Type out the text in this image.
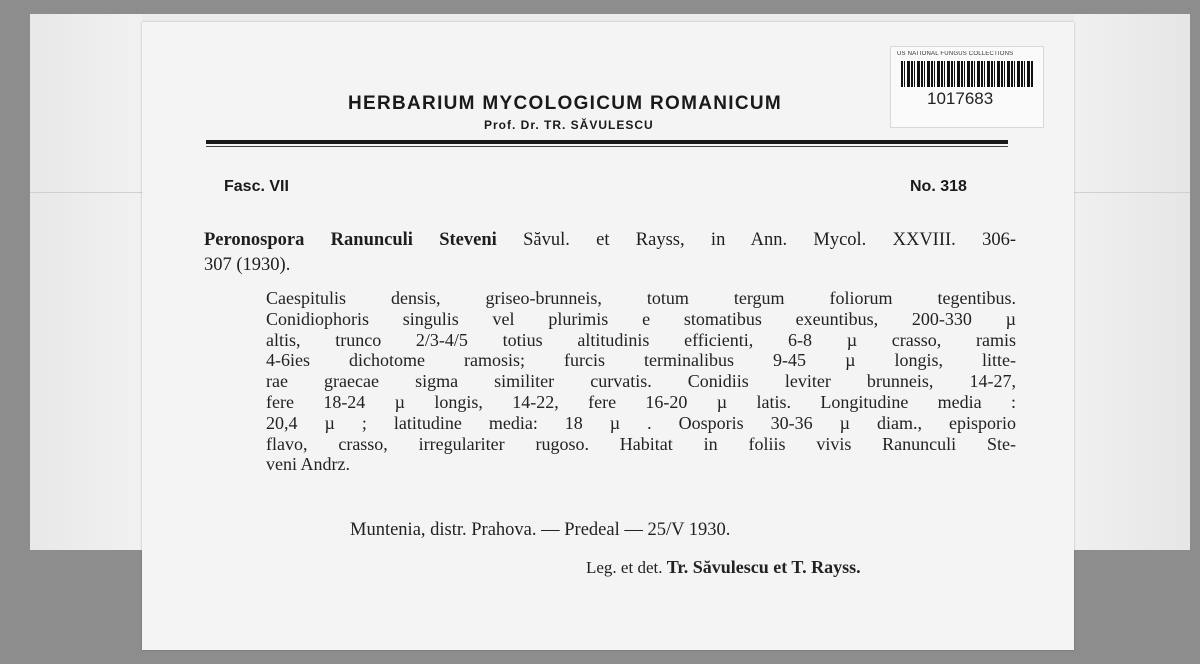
US NATIONAL FUNGUS COLLECTIONS
1017683
HERBARIUM MYCOLOGICUM ROMANICUM
Prof. Dr. TR. SĂVULESCU
Fasc. VII	No. 318
Peronospora Ranunculi Steveni Săvul. et Rayss, in Ann. Mycol. XXVIII. 306-
307 (1930).
Caespitulis densis, griseo-brunneis, totum tergum foliorum tegentibus.
Conidiophoris singulis vel plurimis e stomatibus exeuntibus, 200-330 µ
altis, trunco 2/3-4/5 totius altitudinis efficienti, 6-8 µ crasso, ramis
4-6ies dichotome ramosis; furcis terminalibus 9-45 µ longis, litte-
rae graecae sigma similiter curvatis. Conidiis leviter brunneis, 14-27,
fere 18-24 µ longis, 14-22, fere 16-20 µ latis. Longitudine media :
20,4 µ ; latitudine media: 18 µ . Oosporis 30-36 µ diam., episporio
flavo, crasso, irregulariter rugoso. Habitat in foliis vivis Ranunculi Ste-
veni Andrz.
Muntenia, distr. Prahova. — Predeal — 25/V 1930.
Leg. et det. Tr. Săvulescu et T. Rayss.
